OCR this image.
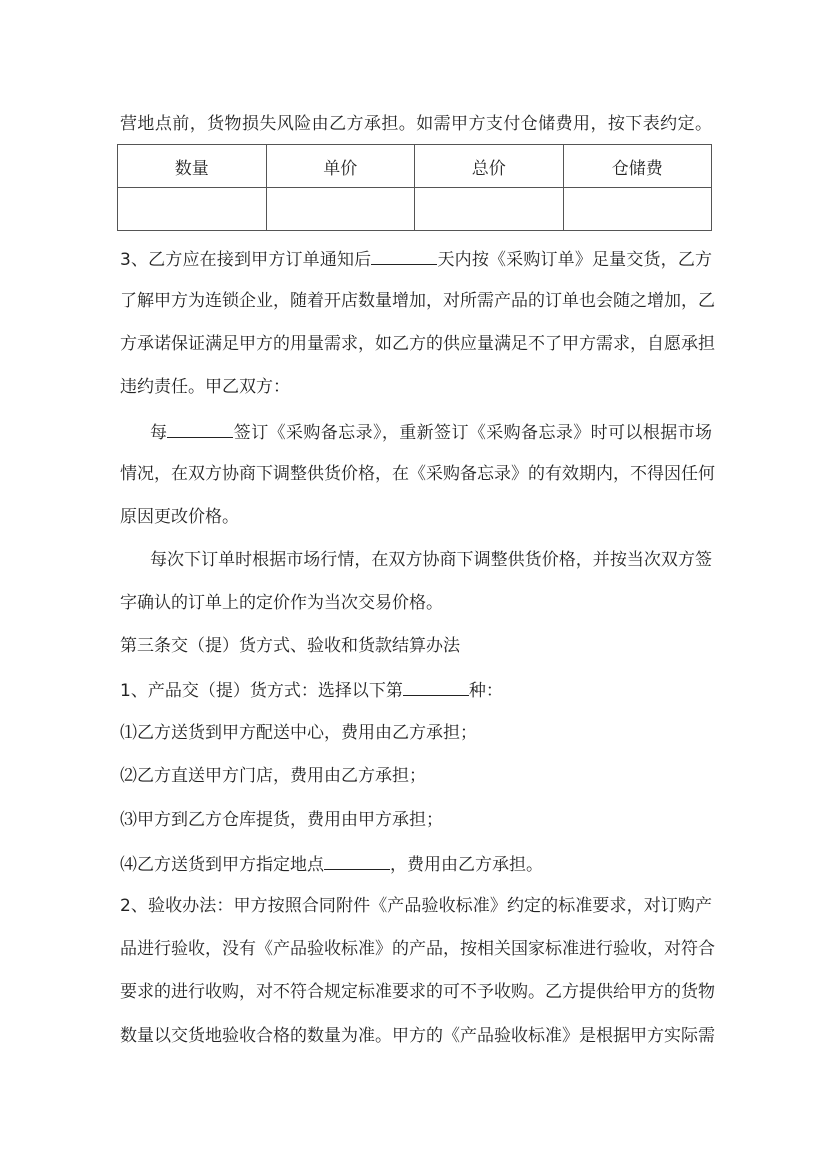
营地点前，货物损失风险由乙方承担。如需甲方支付仓储费用，按下表约定。
数量	单价	总价	仓储费

3、乙方应在接到甲方订单通知后	天内按《采购订单》足量交货，乙方
了解甲方为连锁企业，随着开店数量增加，对所需产品的订单也会随之增加，乙
方承诺保证满足甲方的用量需求，如乙方的供应量满足不了甲方需求，自愿承担
违约责任。甲乙双方：
每	签订《采购备忘录》，重新签订《采购备忘录》时可以根据市场
情况，在双方协商下调整供货价格，在《采购备忘录》的有效期内，不得因任何
原因更改价格。
每次下订单时根据市场行情，在双方协商下调整供货价格，并按当次双方签
字确认的订单上的定价作为当次交易价格。
第三条交（提）货方式、验收和货款结算办法
1、产品交（提）货方式：选择以下第	种：
⑴乙方送货到甲方配送中心，费用由乙方承担；
⑵乙方直送甲方门店，费用由乙方承担；
⑶甲方到乙方仓库提货，费用由甲方承担；
⑷乙方送货到甲方指定地点	，费用由乙方承担。
2、验收办法：甲方按照合同附件《产品验收标准》约定的标准要求，对订购产
品进行验收，没有《产品验收标准》的产品，按相关国家标准进行验收，对符合
要求的进行收购，对不符合规定标准要求的可不予收购。乙方提供给甲方的货物
数量以交货地验收合格的数量为准。甲方的《产品验收标准》是根据甲方实际需
